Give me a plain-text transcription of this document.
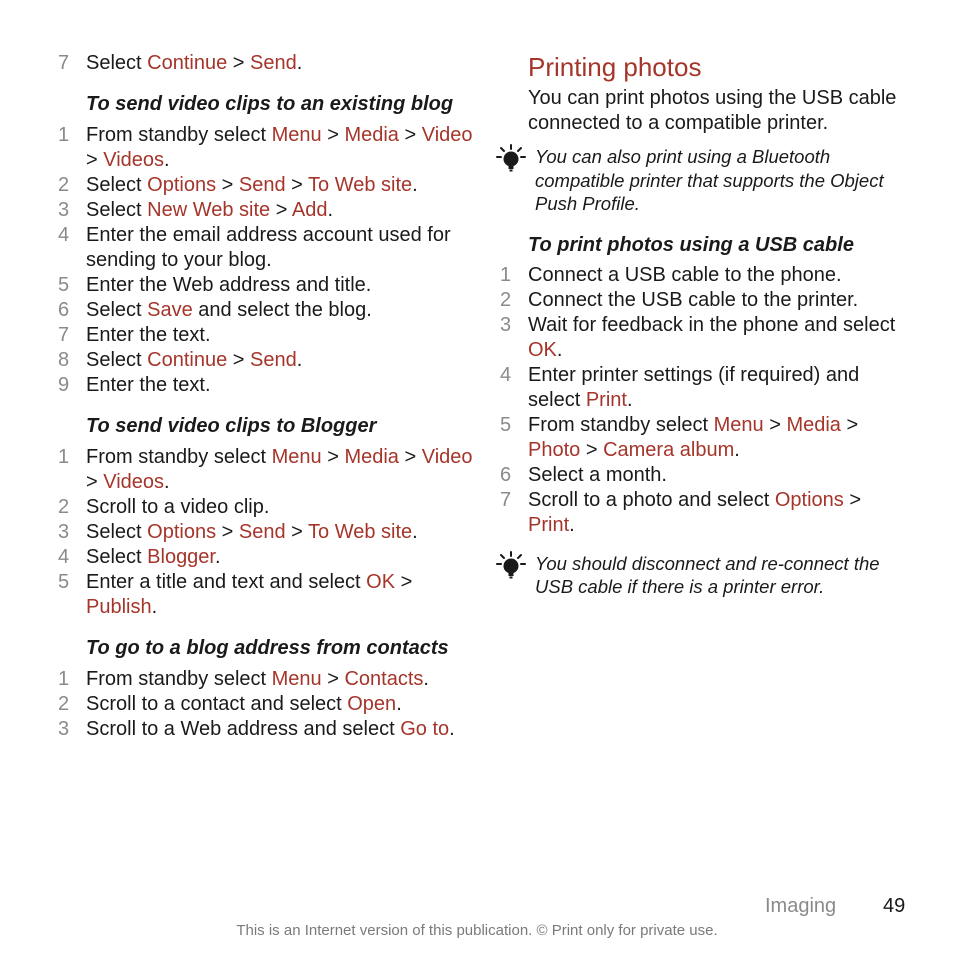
7 Select Continue > Send.
To send video clips to an existing blog
1 From standby select Menu > Media > Video > Videos.
2 Select Options > Send > To Web site.
3 Select New Web site > Add.
4 Enter the email address account used for sending to your blog.
5 Enter the Web address and title.
6 Select Save and select the blog.
7 Enter the text.
8 Select Continue > Send.
9 Enter the text.
To send video clips to Blogger
1 From standby select Menu > Media > Video > Videos.
2 Scroll to a video clip.
3 Select Options > Send > To Web site.
4 Select Blogger.
5 Enter a title and text and select OK > Publish.
To go to a blog address from contacts
1 From standby select Menu > Contacts.
2 Scroll to a contact and select Open.
3 Scroll to a Web address and select Go to.
Printing photos
You can print photos using the USB cable connected to a compatible printer.
You can also print using a Bluetooth compatible printer that supports the Object Push Profile.
To print photos using a USB cable
1 Connect a USB cable to the phone.
2 Connect the USB cable to the printer.
3 Wait for feedback in the phone and select OK.
4 Enter printer settings (if required) and select Print.
5 From standby select Menu > Media > Photo > Camera album.
6 Select a month.
7 Scroll to a photo and select Options > Print.
You should disconnect and re-connect the USB cable if there is a printer error.
Imaging 49
This is an Internet version of this publication. © Print only for private use.
